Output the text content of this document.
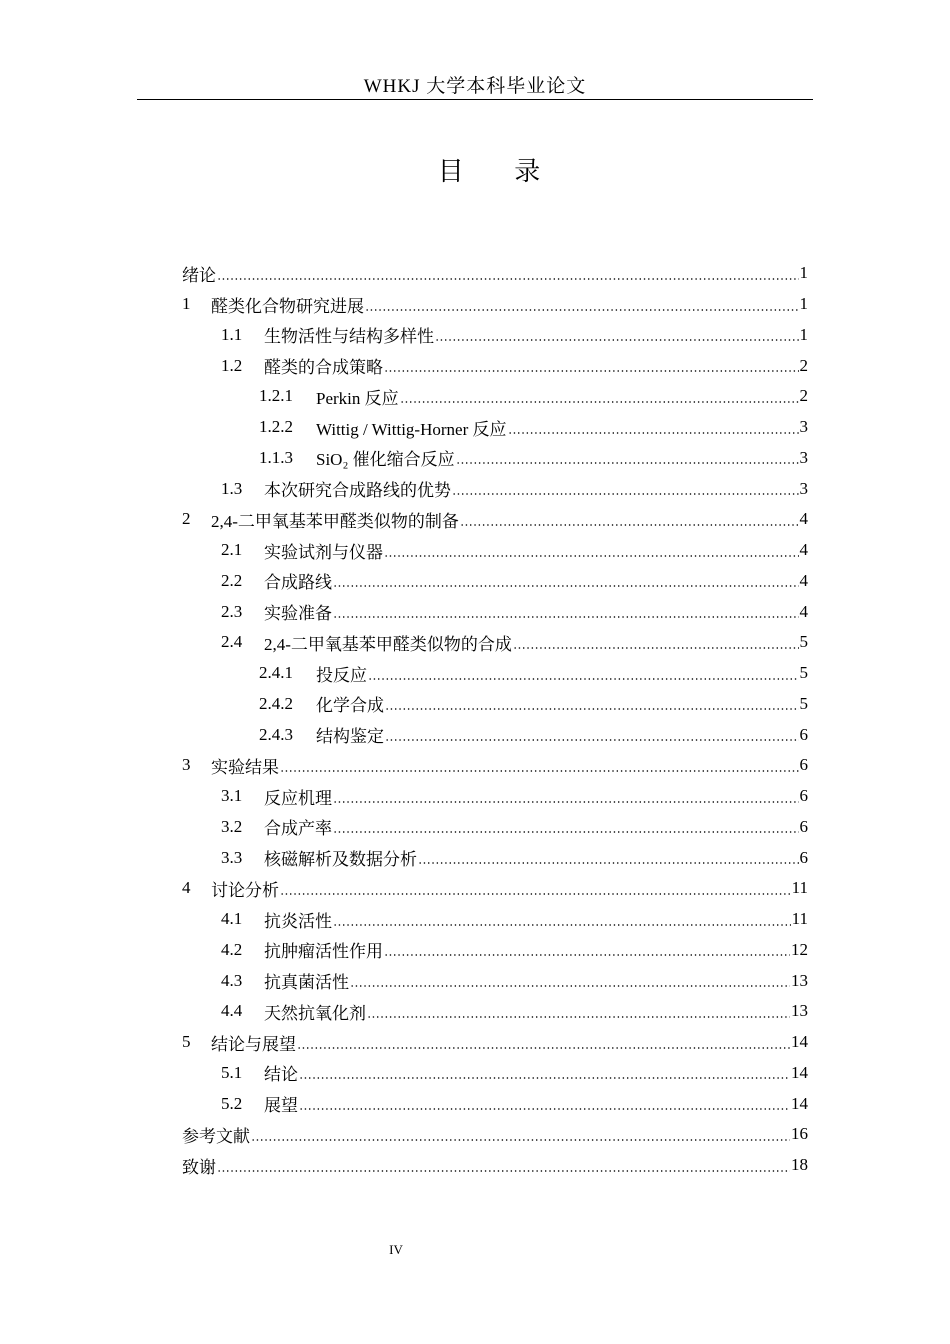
WHKJ 大学本科毕业论文
目 录
绪论	1
1	醛类化合物研究进展	1
1.1	生物活性与结构多样性	1
1.2	醛类的合成策略	2
1.2.1	Perkin 反应	2
1.2.2	Wittig / Wittig-Horner 反应	3
1.1.3	SiO₂ 催化缩合反应	3
1.3	本次研究合成路线的优势	3
2	2,4-二甲氧基苯甲醛类似物的制备	4
2.1	实验试剂与仪器	4
2.2	合成路线	4
2.3	实验准备	4
2.4	2,4-二甲氧基苯甲醛类似物的合成	5
2.4.1	投反应	5
2.4.2	化学合成	5
2.4.3	结构鉴定	6
3	实验结果	6
3.1	反应机理	6
3.2	合成产率	6
3.3	核磁解析及数据分析	6
4	讨论分析	11
4.1	抗炎活性	11
4.2	抗肿瘤活性作用	12
4.3	抗真菌活性	13
4.4	天然抗氧化剂	13
5	结论与展望	14
5.1	结论	14
5.2	展望	14
参考文献	16
致谢	18
IV
